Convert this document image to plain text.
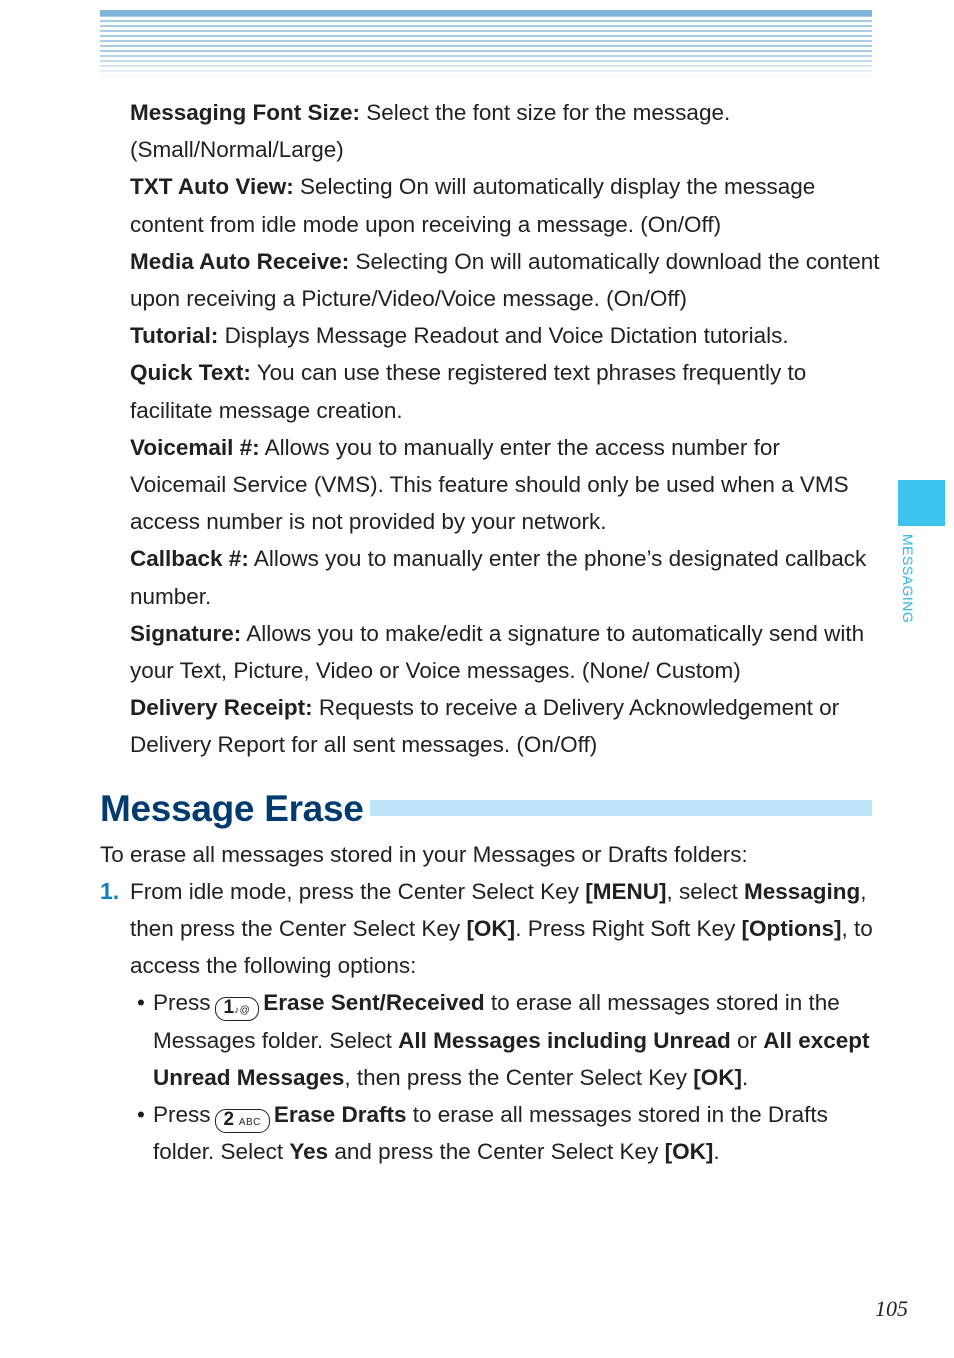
Messaging Font Size: Select the font size for the message. (Small/Normal/Large)
TXT Auto View: Selecting On will automatically display the message content from idle mode upon receiving a message. (On/Off)
Media Auto Receive: Selecting On will automatically download the content upon receiving a Picture/Video/Voice message. (On/Off)
Tutorial: Displays Message Readout and Voice Dictation tutorials.
Quick Text: You can use these registered text phrases frequently to facilitate message creation.
Voicemail #: Allows you to manually enter the access number for Voicemail Service (VMS). This feature should only be used when a VMS access number is not provided by your network.
Callback #: Allows you to manually enter the phone’s designated callback number.
Signature: Allows you to make/edit a signature to automatically send with your Text, Picture, Video or Voice messages. (None/ Custom)
Delivery Receipt: Requests to receive a Delivery Acknowledgement or Delivery Report for all sent messages. (On/Off)
Message Erase
To erase all messages stored in your Messages or Drafts folders:
1. From idle mode, press the Center Select Key [MENU], select Messaging, then press the Center Select Key [OK]. Press Right Soft Key [Options], to access the following options:
• Press 1♪@ Erase Sent/Received to erase all messages stored in the Messages folder. Select All Messages including Unread or All except Unread Messages, then press the Center Select Key [OK].
• Press 2 ABC Erase Drafts to erase all messages stored in the Drafts folder. Select Yes and press the Center Select Key [OK].
MESSAGING
105
